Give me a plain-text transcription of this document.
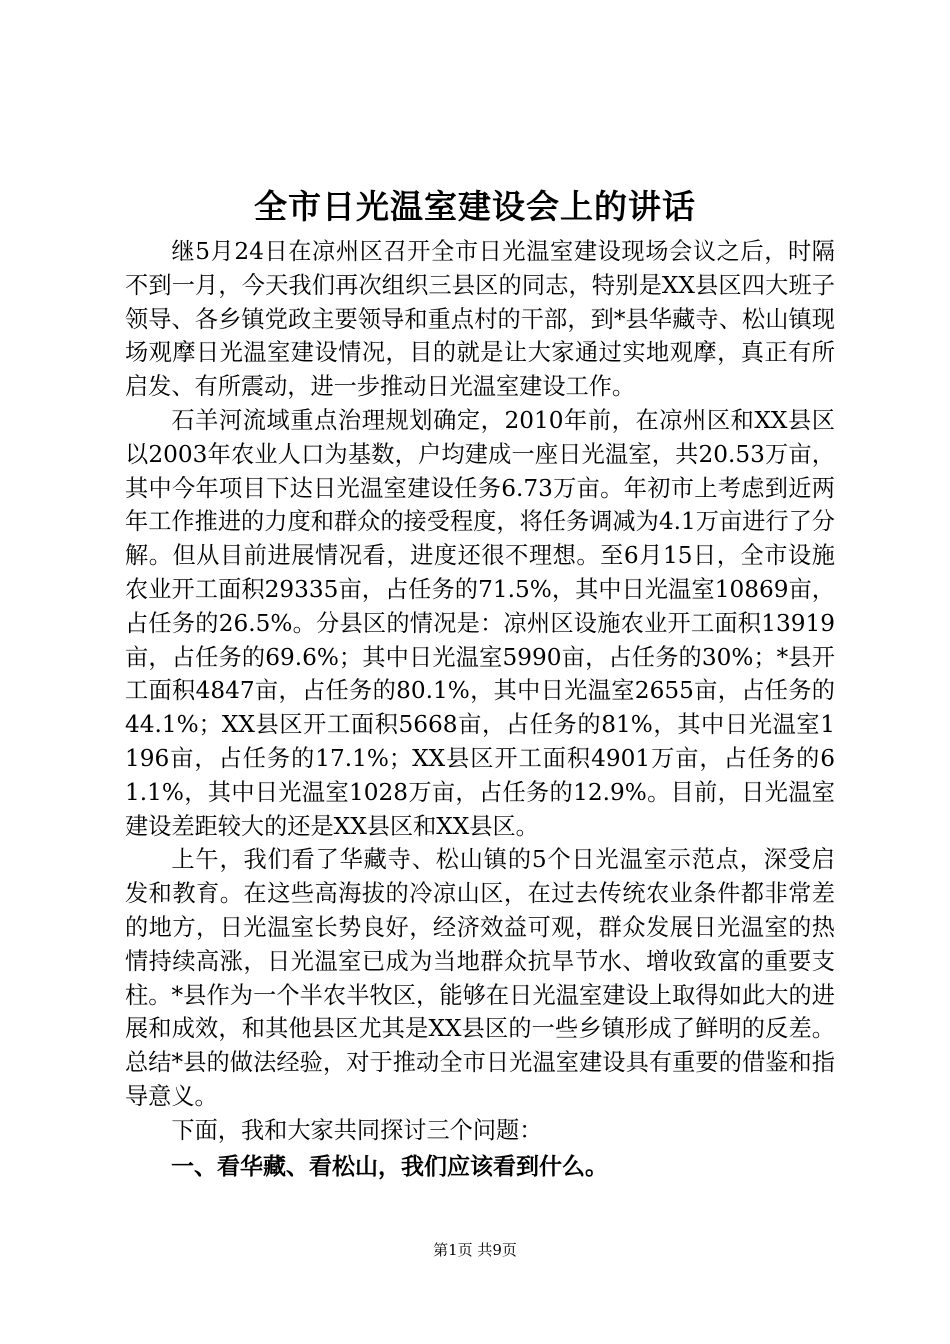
全市日光温室建设会上的讲话

继5月24日在凉州区召开全市日光温室建设现场会议之后，时隔不到一月，今天我们再次组织三县区的同志，特别是XX县区四大班子领导、各乡镇党政主要领导和重点村的干部，到*县华藏寺、松山镇现场观摩日光温室建设情况，目的就是让大家通过实地观摩，真正有所启发、有所震动，进一步推动日光温室建设工作。

石羊河流域重点治理规划确定，2010年前，在凉州区和XX县区以2003年农业人口为基数，户均建成一座日光温室，共20.53万亩，其中今年项目下达日光温室建设任务6.73万亩。年初市上考虑到近两年工作推进的力度和群众的接受程度，将任务调减为4.1万亩进行了分解。但从目前进展情况看，进度还很不理想。至6月15日，全市设施农业开工面积29335亩，占任务的71.5%，其中日光温室10869亩，占任务的26.5%。分县区的情况是：凉州区设施农业开工面积13919亩，占任务的69.6%；其中日光温室5990亩，占任务的30%；*县开工面积4847亩，占任务的80.1%，其中日光温室2655亩，占任务的44.1%；XX县区开工面积5668亩，占任务的81%，其中日光温室1196亩，占任务的17.1%；XX县区开工面积4901万亩，占任务的61.1%，其中日光温室1028万亩，占任务的12.9%。目前，日光温室建设差距较大的还是XX县区和XX县区。

上午，我们看了华藏寺、松山镇的5个日光温室示范点，深受启发和教育。在这些高海拔的冷凉山区，在过去传统农业条件都非常差的地方，日光温室长势良好，经济效益可观，群众发展日光温室的热情持续高涨，日光温室已成为当地群众抗旱节水、增收致富的重要支柱。*县作为一个半农半牧区，能够在日光温室建设上取得如此大的进展和成效，和其他县区尤其是XX县区的一些乡镇形成了鲜明的反差。总结*县的做法经验，对于推动全市日光温室建设具有重要的借鉴和指导意义。

下面，我和大家共同探讨三个问题：

一、看华藏、看松山，我们应该看到什么。

第1页 共9页
